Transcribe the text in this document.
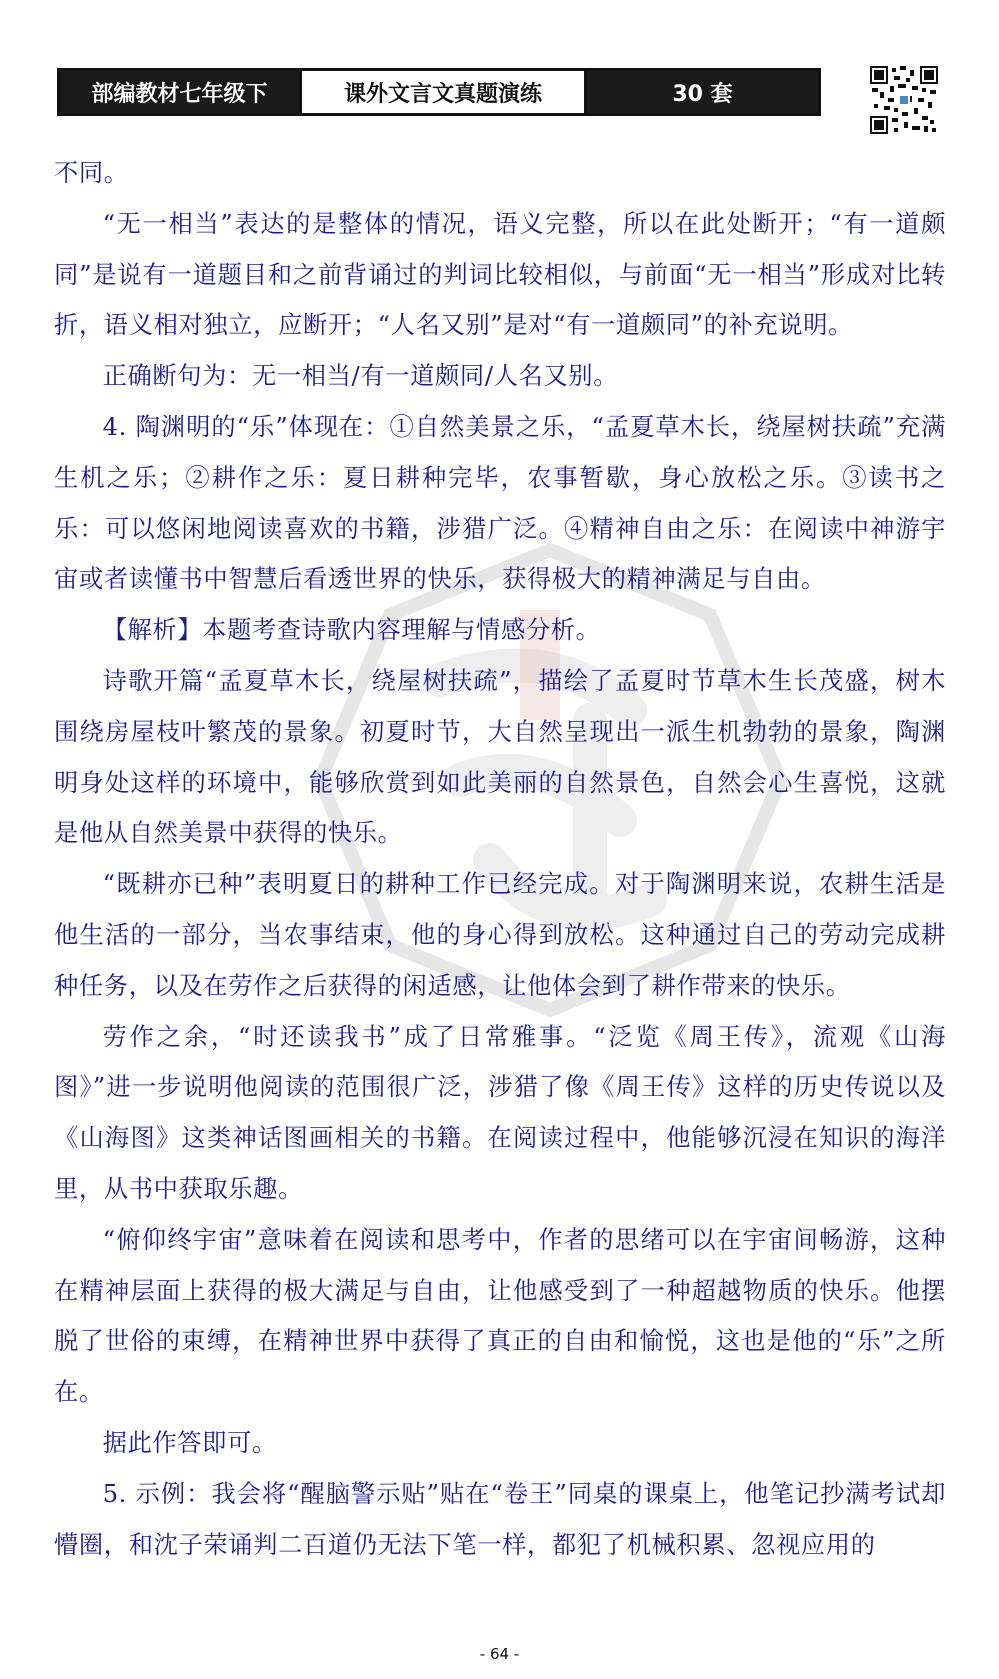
部编教材七年级下	课外文言文真题演练	30 套

不同。

“无一相当”表达的是整体的情况，语义完整，所以在此处断开；“有一道颇同”是说有一道题目和之前背诵过的判词比较相似，与前面“无一相当”形成对比转折，语义相对独立，应断开；“人名又别”是对“有一道颇同”的补充说明。

正确断句为：无一相当/有一道颇同/人名又别。

4. 陶渊明的“乐”体现在：①自然美景之乐，“孟夏草木长，绕屋树扶疏”充满生机之乐；②耕作之乐：夏日耕种完毕，农事暂歇，身心放松之乐。③读书之乐：可以悠闲地阅读喜欢的书籍，涉猎广泛。④精神自由之乐：在阅读中神游宇宙或者读懂书中智慧后看透世界的快乐，获得极大的精神满足与自由。

【解析】本题考查诗歌内容理解与情感分析。

诗歌开篇“孟夏草木长，绕屋树扶疏”，描绘了孟夏时节草木生长茂盛，树木围绕房屋枝叶繁茂的景象。初夏时节，大自然呈现出一派生机勃勃的景象，陶渊明身处这样的环境中，能够欣赏到如此美丽的自然景色，自然会心生喜悦，这就是他从自然美景中获得的快乐。

“既耕亦已种”表明夏日的耕种工作已经完成。对于陶渊明来说，农耕生活是他生活的一部分，当农事结束，他的身心得到放松。这种通过自己的劳动完成耕种任务，以及在劳作之后获得的闲适感，让他体会到了耕作带来的快乐。

劳作之余，“时还读我书”成了日常雅事。“泛览《周王传》，流观《山海图》”进一步说明他阅读的范围很广泛，涉猎了像《周王传》这样的历史传说以及《山海图》这类神话图画相关的书籍。在阅读过程中，他能够沉浸在知识的海洋里，从书中获取乐趣。

“俯仰终宇宙”意味着在阅读和思考中，作者的思绪可以在宇宙间畅游，这种在精神层面上获得的极大满足与自由，让他感受到了一种超越物质的快乐。他摆脱了世俗的束缚，在精神世界中获得了真正的自由和愉悦，这也是他的“乐”之所在。

据此作答即可。

5. 示例：我会将“醒脑警示贴”贴在“卷王”同桌的课桌上，他笔记抄满考试却懵圈，和沈子荣诵判二百道仍无法下笔一样，都犯了机械积累、忽视应用的

- 64 -
